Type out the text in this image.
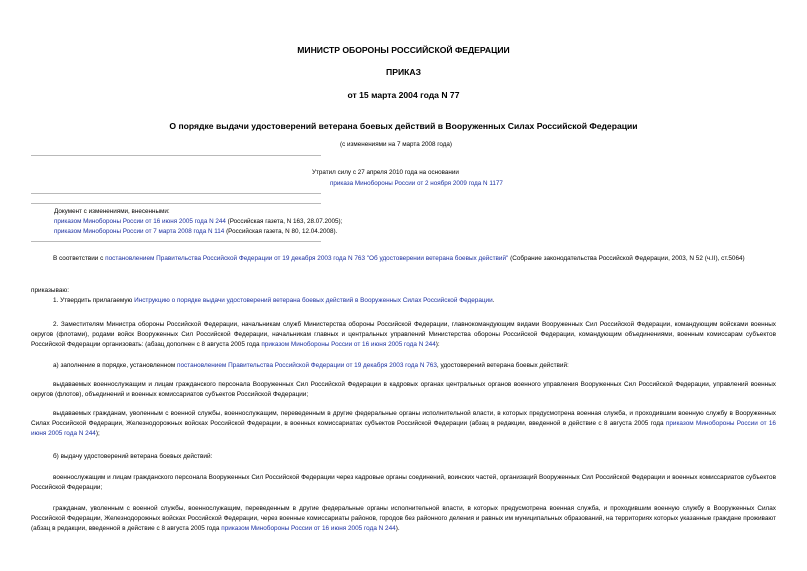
МИНИСТР ОБОРОНЫ РОССИЙСКОЙ ФЕДЕРАЦИИ
ПРИКАЗ
от 15 марта 2004 года N 77
О порядке выдачи удостоверений ветерана боевых действий в Вооруженных Силах Российской Федерации
(с изменениями на 7 марта 2008 года)
Утратил силу с 27 апреля 2010 года на основании
приказа Минобороны России от 2 ноября 2009 года N 1177
Документ с изменениями, внесенными:
приказом Минобороны России от 16 июня 2005 года N 244 (Российская газета, N 163, 28.07.2005);
приказом Минобороны России от 7 марта 2008 года N 114 (Российская газета, N 80, 12.04.2008).
В соответствии с постановлением Правительства Российской Федерации от 19 декабря 2003 года N 763 "Об удостоверении ветерана боевых действий" (Собрание законодательства Российской Федерации, 2003, N 52 (ч.II), ст.5064)
приказываю:
1. Утвердить прилагаемую Инструкцию о порядке выдачи удостоверений ветерана боевых действий в Вооруженных Силах Российской Федерации.
2. Заместителям Министра обороны Российской Федерации, начальникам служб Министерства обороны Российской Федерации, главнокомандующим видами Вооруженных Сил Российской Федерации, командующим войсками военных округов (флотами), родами войск Вооруженных Сил Российской Федерации, начальникам главных и центральных управлений Министерства обороны Российской Федерации, командующим объединениями, военным комиссарам субъектов Российской Федерации организовать: (абзац дополнен с 8 августа 2005 года приказом Минобороны России от 16 июня 2005 года N 244):
а) заполнение в порядке, установленном постановлением Правительства Российской Федерации от 19 декабря 2003 года N 763, удостоверений ветерана боевых действий:
выдаваемых военнослужащим и лицам гражданского персонала Вооруженных Сил Российской Федерации в кадровых органах центральных органов военного управления Вооруженных Сил Российской Федерации, управлений военных округов (флотов), объединений и военных комиссариатов субъектов Российской Федерации;
выдаваемых гражданам, уволенным с военной службы, военнослужащим, переведенным в другие федеральные органы исполнительной власти, в которых предусмотрена военная служба, и проходившим военную службу в Вооруженных Силах Российской Федерации, Железнодорожных войсках Российской Федерации, в военных комиссариатах субъектов Российской Федерации (абзац в редакции, введенной в действие с 8 августа 2005 года приказом Минобороны России от 16 июня 2005 года N 244);
б) выдачу удостоверений ветерана боевых действий:
военнослужащим и лицам гражданского персонала Вооруженных Сил Российской Федерации через кадровые органы соединений, воинских частей, организаций Вооруженных Сил Российской Федерации и военных комиссариатов субъектов Российской Федерации;
гражданам, уволенным с военной службы, военнослужащим, переведенным в другие федеральные органы исполнительной власти, в которых предусмотрена военная служба, и проходившим военную службу в Вооруженных Силах Российской Федерации, Железнодорожных войсках Российской Федерации, через военные комиссариаты районов, городов без районного деления и равных им муниципальных образований, на территориях которых указанные граждане проживают (абзац в редакции, введенной в действие с 8 августа 2005 года приказом Минобороны России от 16 июня 2005 года N 244).
